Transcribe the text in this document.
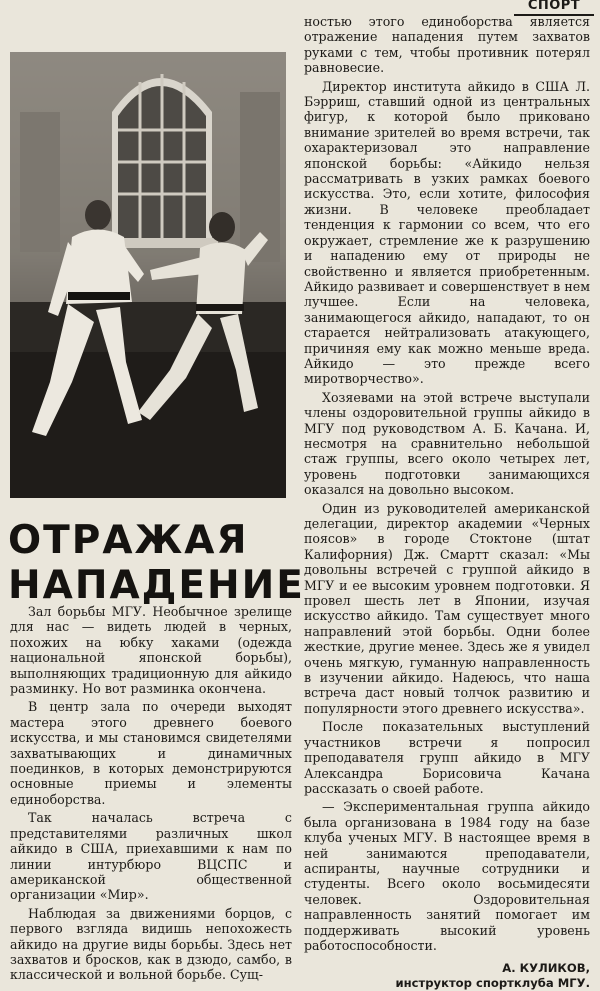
СПОРТ
ОТРАЖАЯ
НАПАДЕНИЕ

Зал борьбы МГУ. Необычное зрелище для нас — видеть людей в черных, похожих на юбку хаками (одежда национальной японской борьбы), выполняющих традиционную для айкидо разминку. Но вот разминка окончена.

В центр зала по очереди выходят мастера этого древнего боевого искусства, и мы становимся свидетелями захватывающих и динамичных поединков, в которых демонстрируются основные приемы и элементы единоборства.

Так началась встреча с представителями различных школ айкидо в США, приехавшими к нам по линии интурбюро ВЦСПС и американской общественной организации «Мир».

Наблюдая за движениями борцов, с первого взгляда видишь непохожесть айкидо на другие виды борьбы. Здесь нет захватов и бросков, как в дзюдо, самбо, в классической и вольной борьбе. Сущ-

ностью этого единоборства является отражение нападения путем захватов руками с тем, чтобы противник потерял равновесие.

Директор института айкидо в США Л. Бэрриш, ставший одной из центральных фигур, к которой было приковано внимание зрителей во время встречи, так охарактеризовал это направление японской борьбы: «Айкидо нельзя рассматривать в узких рамках боевого искусства. Это, если хотите, философия жизни. В человеке преобладает тенденция к гармонии со всем, что его окружает, стремление же к разрушению и нападению ему от природы не свойственно и является приобретенным. Айкидо развивает и совершенствует в нем лучшее. Если на человека, занимающегося айкидо, нападают, то он старается нейтрализовать атакующего, причиняя ему как можно меньше вреда. Айкидо — это прежде всего миротворчество».

Хозяевами на этой встрече выступали члены оздоровительной группы айкидо в МГУ под руководством А. Б. Качана. И, несмотря на сравнительно небольшой стаж группы, всего около четырех лет, уровень подготовки занимающихся оказался на довольно высоком.

Один из руководителей американской делегации, директор академии «Черных поясов» в городе Стоктоне (штат Калифорния) Дж. Смартт сказал: «Мы довольны встречей с группой айкидо в МГУ и ее высоким уровнем подготовки. Я провел шесть лет в Японии, изучая искусство айкидо. Там существует много направлений этой борьбы. Одни более жесткие, другие менее. Здесь же я увидел очень мягкую, гуманную направленность в изучении айкидо. Надеюсь, что наша встреча даст новый толчок развитию и популярности этого древнего искусства».

После показательных выступлений участников встречи я попросил преподавателя групп айкидо в МГУ Александра Борисовича Качана рассказать о своей работе.

— Экспериментальная группа айкидо была организована в 1984 году на базе клуба ученых МГУ. В настоящее время в ней занимаются преподаватели, аспиранты, научные сотрудники и студенты. Всего около восьмидесяти человек. Оздоровительная направленность занятий помогает им поддерживать высокий уровень работоспособности.

А. КУЛИКОВ,
инструктор спортклуба МГУ.
